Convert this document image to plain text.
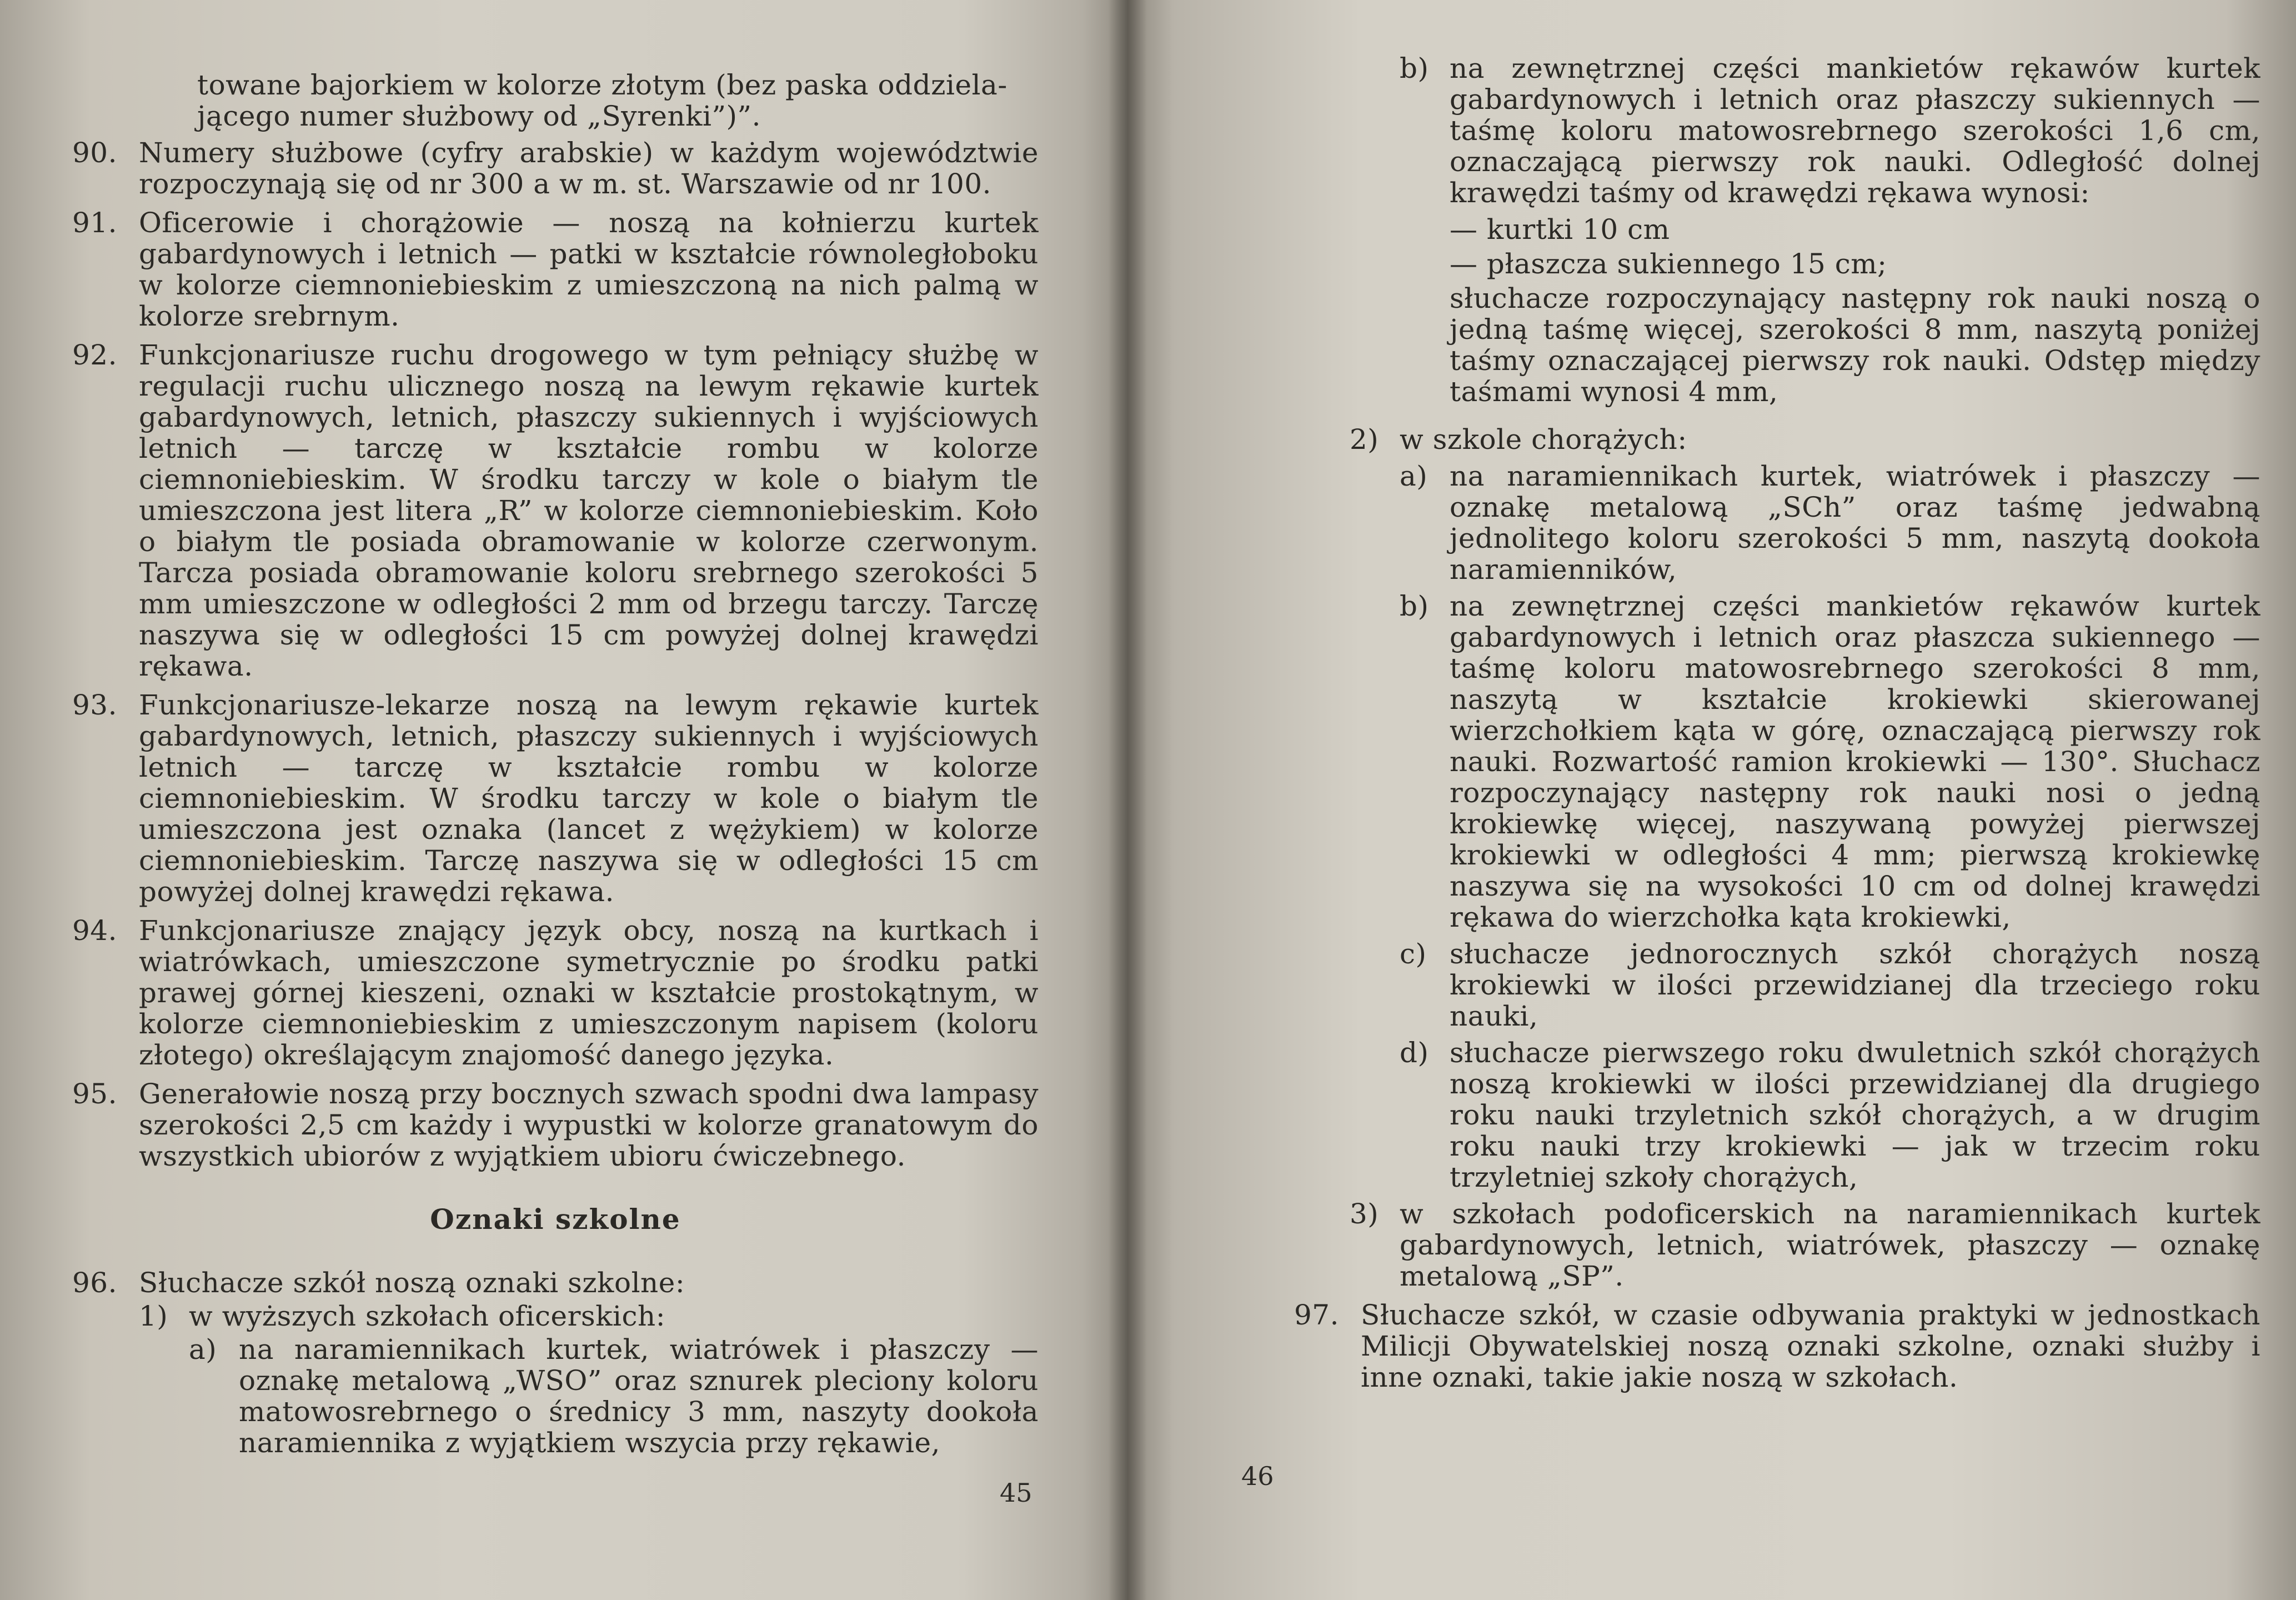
towane bajorkiem w kolorze złotym (bez paska oddziela-
jącego numer służbowy od „Syrenki”)”.
90. Numery służbowe (cyfry arabskie) w każdym województwie rozpoczynają się od nr 300 a w m. st. Warszawie od nr 100.
91. Oficerowie i chorążowie — noszą na kołnierzu kurtek gabardynowych i letnich — patki w kształcie równoległoboku w kolorze ciemnoniebieskim z umieszczoną na nich palmą w kolorze srebrnym.
92. Funkcjonariusze ruchu drogowego w tym pełniący służbę w regulacji ruchu ulicznego noszą na lewym rękawie kurtek gabardynowych, letnich, płaszczy sukiennych i wyjściowych letnich — tarczę w kształcie rombu w kolorze ciemnoniebieskim. W środku tarczy w kole o białym tle umieszczona jest litera „R” w kolorze ciemnoniebieskim. Koło o białym tle posiada obramowanie w kolorze czerwonym. Tarcza posiada obramowanie koloru srebrnego szerokości 5 mm umieszczone w odległości 2 mm od brzegu tarczy. Tarczę naszywa się w odległości 15 cm powyżej dolnej krawędzi rękawa.
93. Funkcjonariusze-lekarze noszą na lewym rękawie kurtek gabardynowych, letnich, płaszczy sukiennych i wyjściowych letnich — tarczę w kształcie rombu w kolorze ciemnoniebieskim. W środku tarczy w kole o białym tle umieszczona jest oznaka (lancet z wężykiem) w kolorze ciemnoniebieskim. Tarczę naszywa się w odległości 15 cm powyżej dolnej krawędzi rękawa.
94. Funkcjonariusze znający język obcy, noszą na kurtkach i wiatrówkach, umieszczone symetrycznie po środku patki prawej górnej kieszeni, oznaki w kształcie prostokątnym, w kolorze ciemnoniebieskim z umieszczonym napisem (koloru złotego) określającym znajomość danego języka.
95. Generałowie noszą przy bocznych szwach spodni dwa lampasy szerokości 2,5 cm każdy i wypustki w kolorze granatowym do wszystkich ubiorów z wyjątkiem ubioru ćwiczebnego.
Oznaki szkolne
96. Słuchacze szkół noszą oznaki szkolne:
1) w wyższych szkołach oficerskich:
a) na naramiennikach kurtek, wiatrówek i płaszczy — oznakę metalową „WSO” oraz sznurek pleciony koloru matowosrebrnego o średnicy 3 mm, naszyty dookoła naramiennika z wyjątkiem wszycia przy rękawie,
45
b) na zewnętrznej części mankietów rękawów kurtek gabardynowych i letnich oraz płaszczy sukiennych — taśmę koloru matowosrebrnego szerokości 1,6 cm, oznaczającą pierwszy rok nauki. Odległość dolnej krawędzi taśmy od krawędzi rękawa wynosi:
— kurtki 10 cm
— płaszcza sukiennego 15 cm;
słuchacze rozpoczynający następny rok nauki noszą o jedną taśmę więcej, szerokości 8 mm, naszytą poniżej taśmy oznaczającej pierwszy rok nauki. Odstęp między taśmami wynosi 4 mm,
2) w szkole chorążych:
a) na naramiennikach kurtek, wiatrówek i płaszczy — oznakę metalową „SCh” oraz taśmę jedwabną jednolitego koloru szerokości 5 mm, naszytą dookoła naramienników,
b) na zewnętrznej części mankietów rękawów kurtek gabardynowych i letnich oraz płaszcza sukiennego — taśmę koloru matowosrebrnego szerokości 8 mm, naszytą w kształcie krokiewki skierowanej wierzchołkiem kąta w górę, oznaczającą pierwszy rok nauki. Rozwartość ramion krokiewki — 130°. Słuchacz rozpoczynający następny rok nauki nosi o jedną krokiewkę więcej, naszywaną powyżej pierwszej krokiewki w odległości 4 mm; pierwszą krokiewkę naszywa się na wysokości 10 cm od dolnej krawędzi rękawa do wierzchołka kąta krokiewki,
c) słuchacze jednorocznych szkół chorążych noszą krokiewki w ilości przewidzianej dla trzeciego roku nauki,
d) słuchacze pierwszego roku dwuletnich szkół chorążych noszą krokiewki w ilości przewidzianej dla drugiego roku nauki trzyletnich szkół chorążych, a w drugim roku nauki trzy krokiewki — jak w trzecim roku trzyletniej szkoły chorążych,
3) w szkołach podoficerskich na naramiennikach kurtek gabardynowych, letnich, wiatrówek, płaszczy — oznakę metalową „SP”.
97. Słuchacze szkół, w czasie odbywania praktyki w jednostkach Milicji Obywatelskiej noszą oznaki szkolne, oznaki służby i inne oznaki, takie jakie noszą w szkołach.
46
